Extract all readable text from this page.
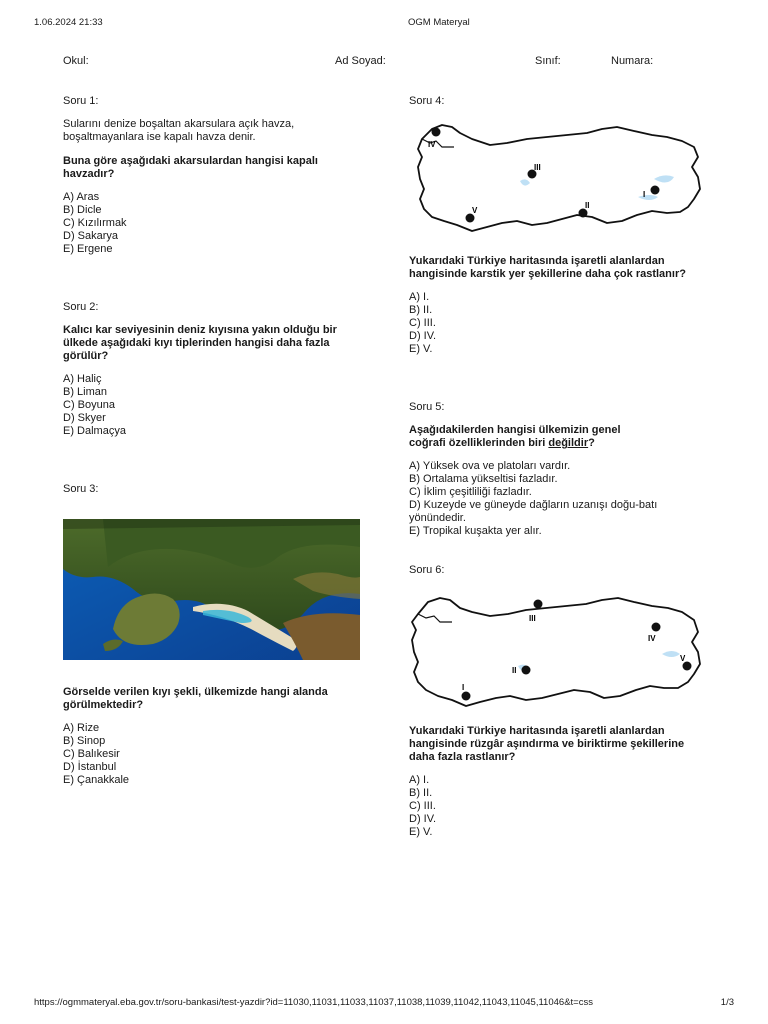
1.06.2024 21:33	OGM Materyal
Okul:	Ad Soyad:	Sınıf:	Numara:
Soru 1:
Sularını denize boşaltan akarsulara açık havza,
boşaltmayanlara ise kapalı havza denir.
Buna göre aşağıdaki akarsulardan hangisi kapalı
havzadır?
A) Aras
B) Dicle
C) Kızılırmak
D) Sakarya
E) Ergene
Soru 2:
Kalıcı kar seviyesinin deniz kıyısına yakın olduğu bir
ülkede aşağıdaki kıyı tiplerinden hangisi daha fazla
görülür?
A) Haliç
B) Liman
C) Boyuna
D) Skyer
E) Dalmaçya
Soru 3:
Görselde verilen kıyı şekli, ülkemizde hangi alanda
görülmektedir?
A) Rize
B) Sinop
C) Balıkesir
D) İstanbul
E) Çanakkale
Soru 4:
IV
III
I
II
V
Yukarıdaki Türkiye haritasında işaretli alanlardan
hangisinde karstik yer şekillerine daha çok rastlanır?
A) I.
B) II.
C) III.
D) IV.
E) V.
Soru 5:
Aşağıdakilerden hangisi ülkemizin genel
coğrafi özelliklerinden biri değildir?
A) Yüksek ova ve platoları vardır.
B) Ortalama yükseltisi fazladır.
C) İklim çeşitliliği fazladır.
D) Kuzeyde ve güneyde dağların uzanışı doğu-batı
yönündedir.
E) Tropikal kuşakta yer alır.
Soru 6:
Yukarıdaki Türkiye haritasında işaretli alanlardan
hangisinde rüzgâr aşındırma ve biriktirme şekillerine
daha fazla rastlanır?
A) I.
B) II.
C) III.
D) IV.
E) V.
III
IV
II
V
I
https://ogmmateryal.eba.gov.tr/soru-bankasi/test-yazdir?id=11030,11031,11033,11037,11038,11039,11042,11043,11045,11046&t=css	1/3
